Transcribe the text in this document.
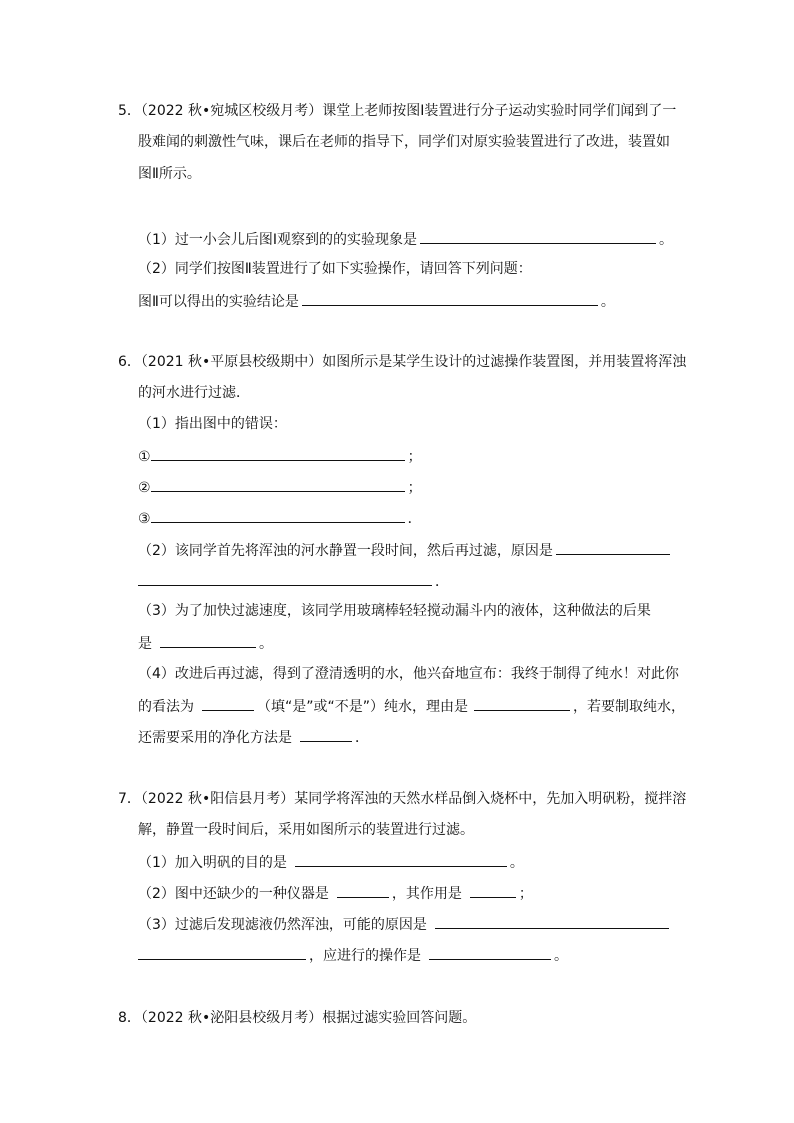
5．（2022 秋•宛城区校级月考）课堂上老师按图Ⅰ装置进行分子运动实验时同学们闻到了一
股难闻的刺激性气味，课后在老师的指导下，同学们对原实验装置进行了改进，装置如
图Ⅱ所示。
（1）过一小会儿后图Ⅰ观察到的的实验现象是	。
（2）同学们按图Ⅱ装置进行了如下实验操作，请回答下列问题：
图Ⅱ可以得出的实验结论是	。
6．（2021 秋•平原县校级期中）如图所示是某学生设计的过滤操作装置图，并用装置将浑浊
的河水进行过滤．
（1）指出图中的错误：
①	；
②	；
③	．
（2）该同学首先将浑浊的河水静置一段时间，然后再过滤，原因是
．
（3）为了加快过滤速度，该同学用玻璃棒轻轻搅动漏斗内的液体，这种做法的后果
是	。
（4）改进后再过滤，得到了澄清透明的水，他兴奋地宣布：我终于制得了纯水！对此你
的看法为	（填“是”或“不是”）纯水，理由是	，若要制取纯水，
还需要采用的净化方法是	．
7．（2022 秋•阳信县月考）某同学将浑浊的天然水样品倒入烧杯中，先加入明矾粉，搅拌溶
解，静置一段时间后，采用如图所示的装置进行过滤。
（1）加入明矾的目的是	。
（2）图中还缺少的一种仪器是	，其作用是	；
（3）过滤后发现滤液仍然浑浊，可能的原因是
，应进行的操作是	。
8．（2022 秋•泌阳县校级月考）根据过滤实验回答问题。
